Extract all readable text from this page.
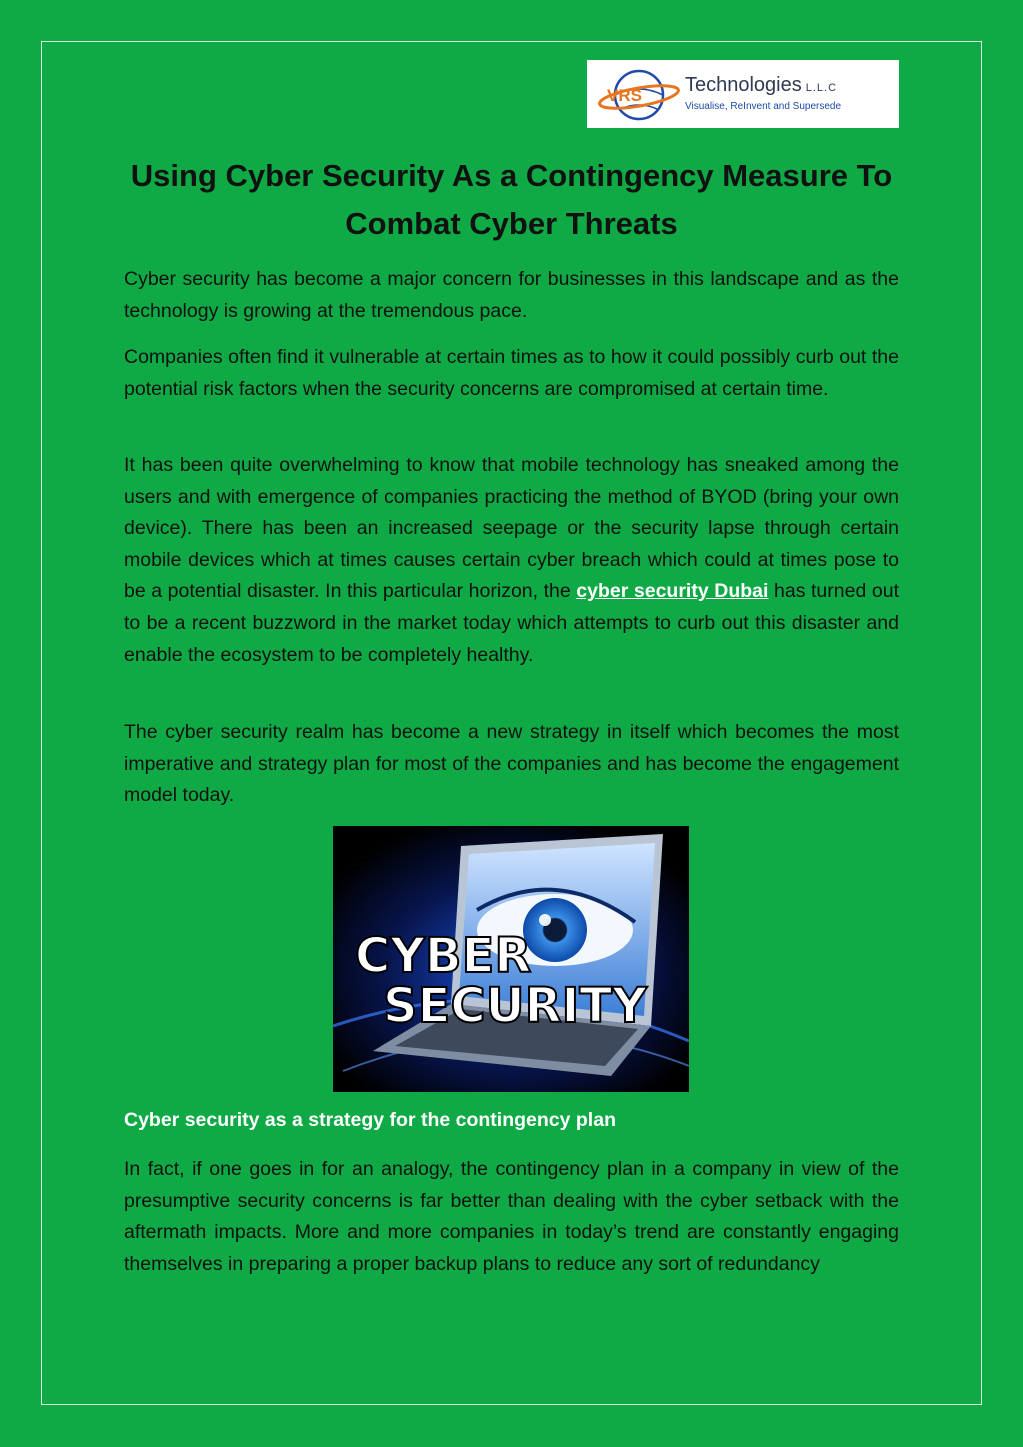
VRS Technologies L.L.C
Visualise, ReInvent and Supersede
Using Cyber Security As a Contingency Measure To Combat Cyber Threats

Cyber security has become a major concern for businesses in this landscape and as the technology is growing at the tremendous pace.

Companies often find it vulnerable at certain times as to how it could possibly curb out the potential risk factors when the security concerns are compromised at certain time.

It has been quite overwhelming to know that mobile technology has sneaked among the users and with emergence of companies practicing the method of BYOD (bring your own device). There has been an increased seepage or the security lapse through certain mobile devices which at times causes certain cyber breach which could at times pose to be a potential disaster. In this particular horizon, the cyber security Dubai has turned out to be a recent buzzword in the market today which attempts to curb out this disaster and enable the ecosystem to be completely healthy.

The cyber security realm has become a new strategy in itself which becomes the most imperative and strategy plan for most of the companies and has become the engagement model today.

CYBER
SECURITY
Cyber security as a strategy for the contingency plan

In fact, if one goes in for an analogy, the contingency plan in a company in view of the presumptive security concerns is far better than dealing with the cyber setback with the aftermath impacts. More and more companies in today’s trend are constantly engaging themselves in preparing a proper backup plans to reduce any sort of redundancy
